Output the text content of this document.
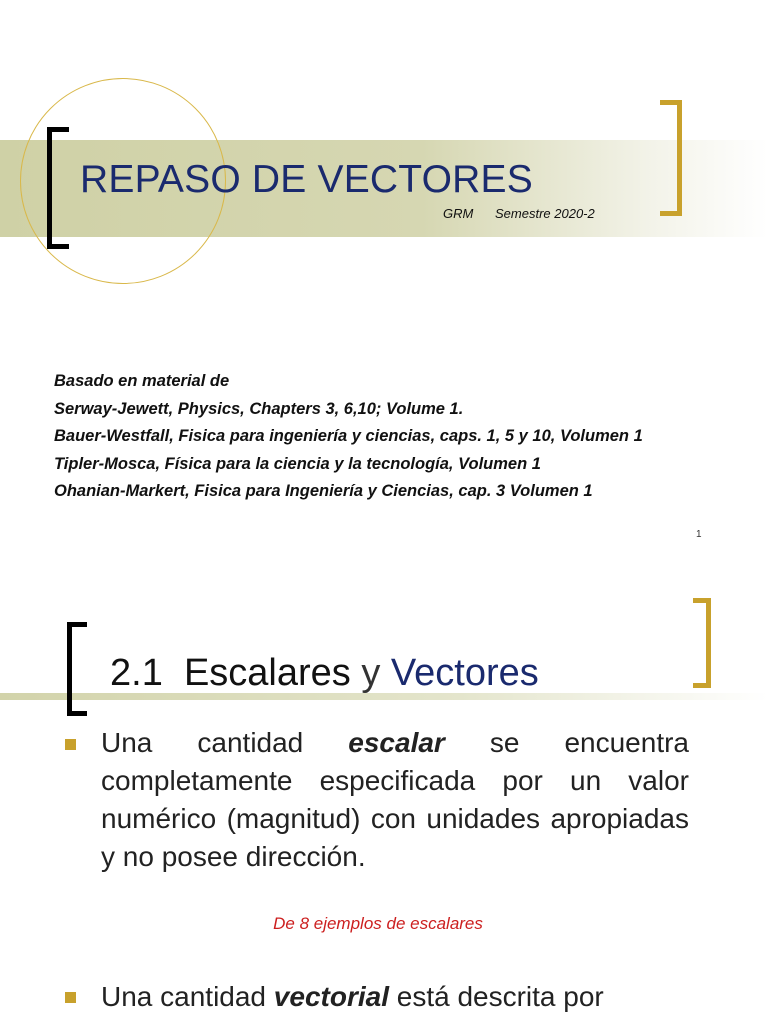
REPASO DE VECTORES
GRM Semestre 2020-2
Basado en material de
Serway-Jewett, Physics, Chapters 3, 6,10; Volume 1.
Bauer-Westfall, Fisica para ingeniería y ciencias, caps. 1, 5 y 10, Volumen 1
Tipler-Mosca, Física para la ciencia y la tecnología, Volumen 1
Ohanian-Markert, Fisica para Ingeniería y Ciencias, cap. 3 Volumen 1
1
2.1 Escalares y Vectores
Una cantidad escalar se encuentra completamente especificada por un valor numérico (magnitud) con unidades apropiadas y no posee dirección.
De 8 ejemplos de escalares
Una cantidad vectorial está descrita por
